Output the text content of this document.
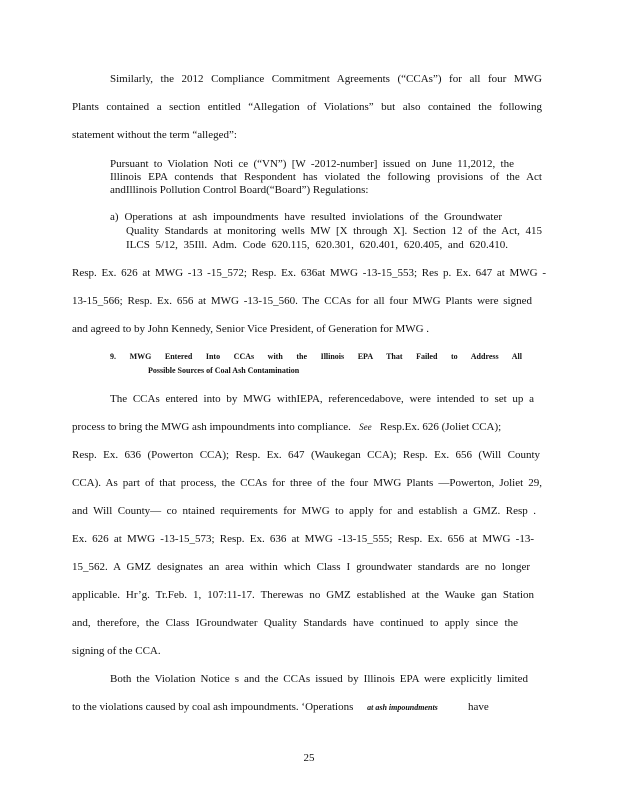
Similarly, the 2012 Compliance Commitment Agreements (“CCAs”) for all four MWG
Plants contained a section entitled “Allegation of Violations” but also contained the following
statement without the term “alleged”:
Pursuant to Violation Noti ce (“VN”) [W -2012-number] issued on June 11,2012, the
Illinois EPA contends that Respondent has violated the following provisions of the Act
andIllinois Pollution Control Board(“Board”) Regulations:
a) Operations at ash impoundments have resulted inviolations of the Groundwater
Quality Standards at monitoring wells MW [X through X]. Section 12 of the Act, 415
ILCS 5/12, 35Ill. Adm. Code 620.115, 620.301, 620.401, 620.405, and 620.410.
Resp. Ex. 626 at MWG -13 -15_572; Resp. Ex. 636at MWG -13-15_553; Res p. Ex. 647 at MWG -
13-15_566; Resp. Ex. 656 at MWG -13-15_560. The CCAs for all four MWG Plants were signed
and agreed to by John Kennedy, Senior Vice President, of Generation for MWG .
9. MWG Entered Into CCAs with the Illinois EPA That Failed to Address All
Possible Sources of Coal Ash Contamination
The CCAs entered into by MWG withIEPA, referencedabove, were intended to set up a
process to bring the MWG ash impoundments into compliance. See Resp.Ex. 626 (Joliet CCA);
Resp. Ex. 636 (Powerton CCA); Resp. Ex. 647 (Waukegan CCA); Resp. Ex. 656 (Will County
CCA). As part of that process, the CCAs for three of the four MWG Plants —Powerton, Joliet 29,
and Will County— co ntained requirements for MWG to apply for and establish a GMZ. Resp .
Ex. 626 at MWG -13-15_573; Resp. Ex. 636 at MWG -13-15_555; Resp. Ex. 656 at MWG -13-
15_562. A GMZ designates an area within which Class I groundwater standards are no longer
applicable. Hr’g. Tr.Feb. 1, 107:11-17. Therewas no GMZ established at the Wauke gan Station
and, therefore, the Class IGroundwater Quality Standards have continued to apply since the
signing of the CCA.
Both the Violation Notice s and the CCAs issued by Illinois EPA were explicitly limited
to the violations caused by coal ash impoundments. ‘Operations at ash impoundments	have
25
